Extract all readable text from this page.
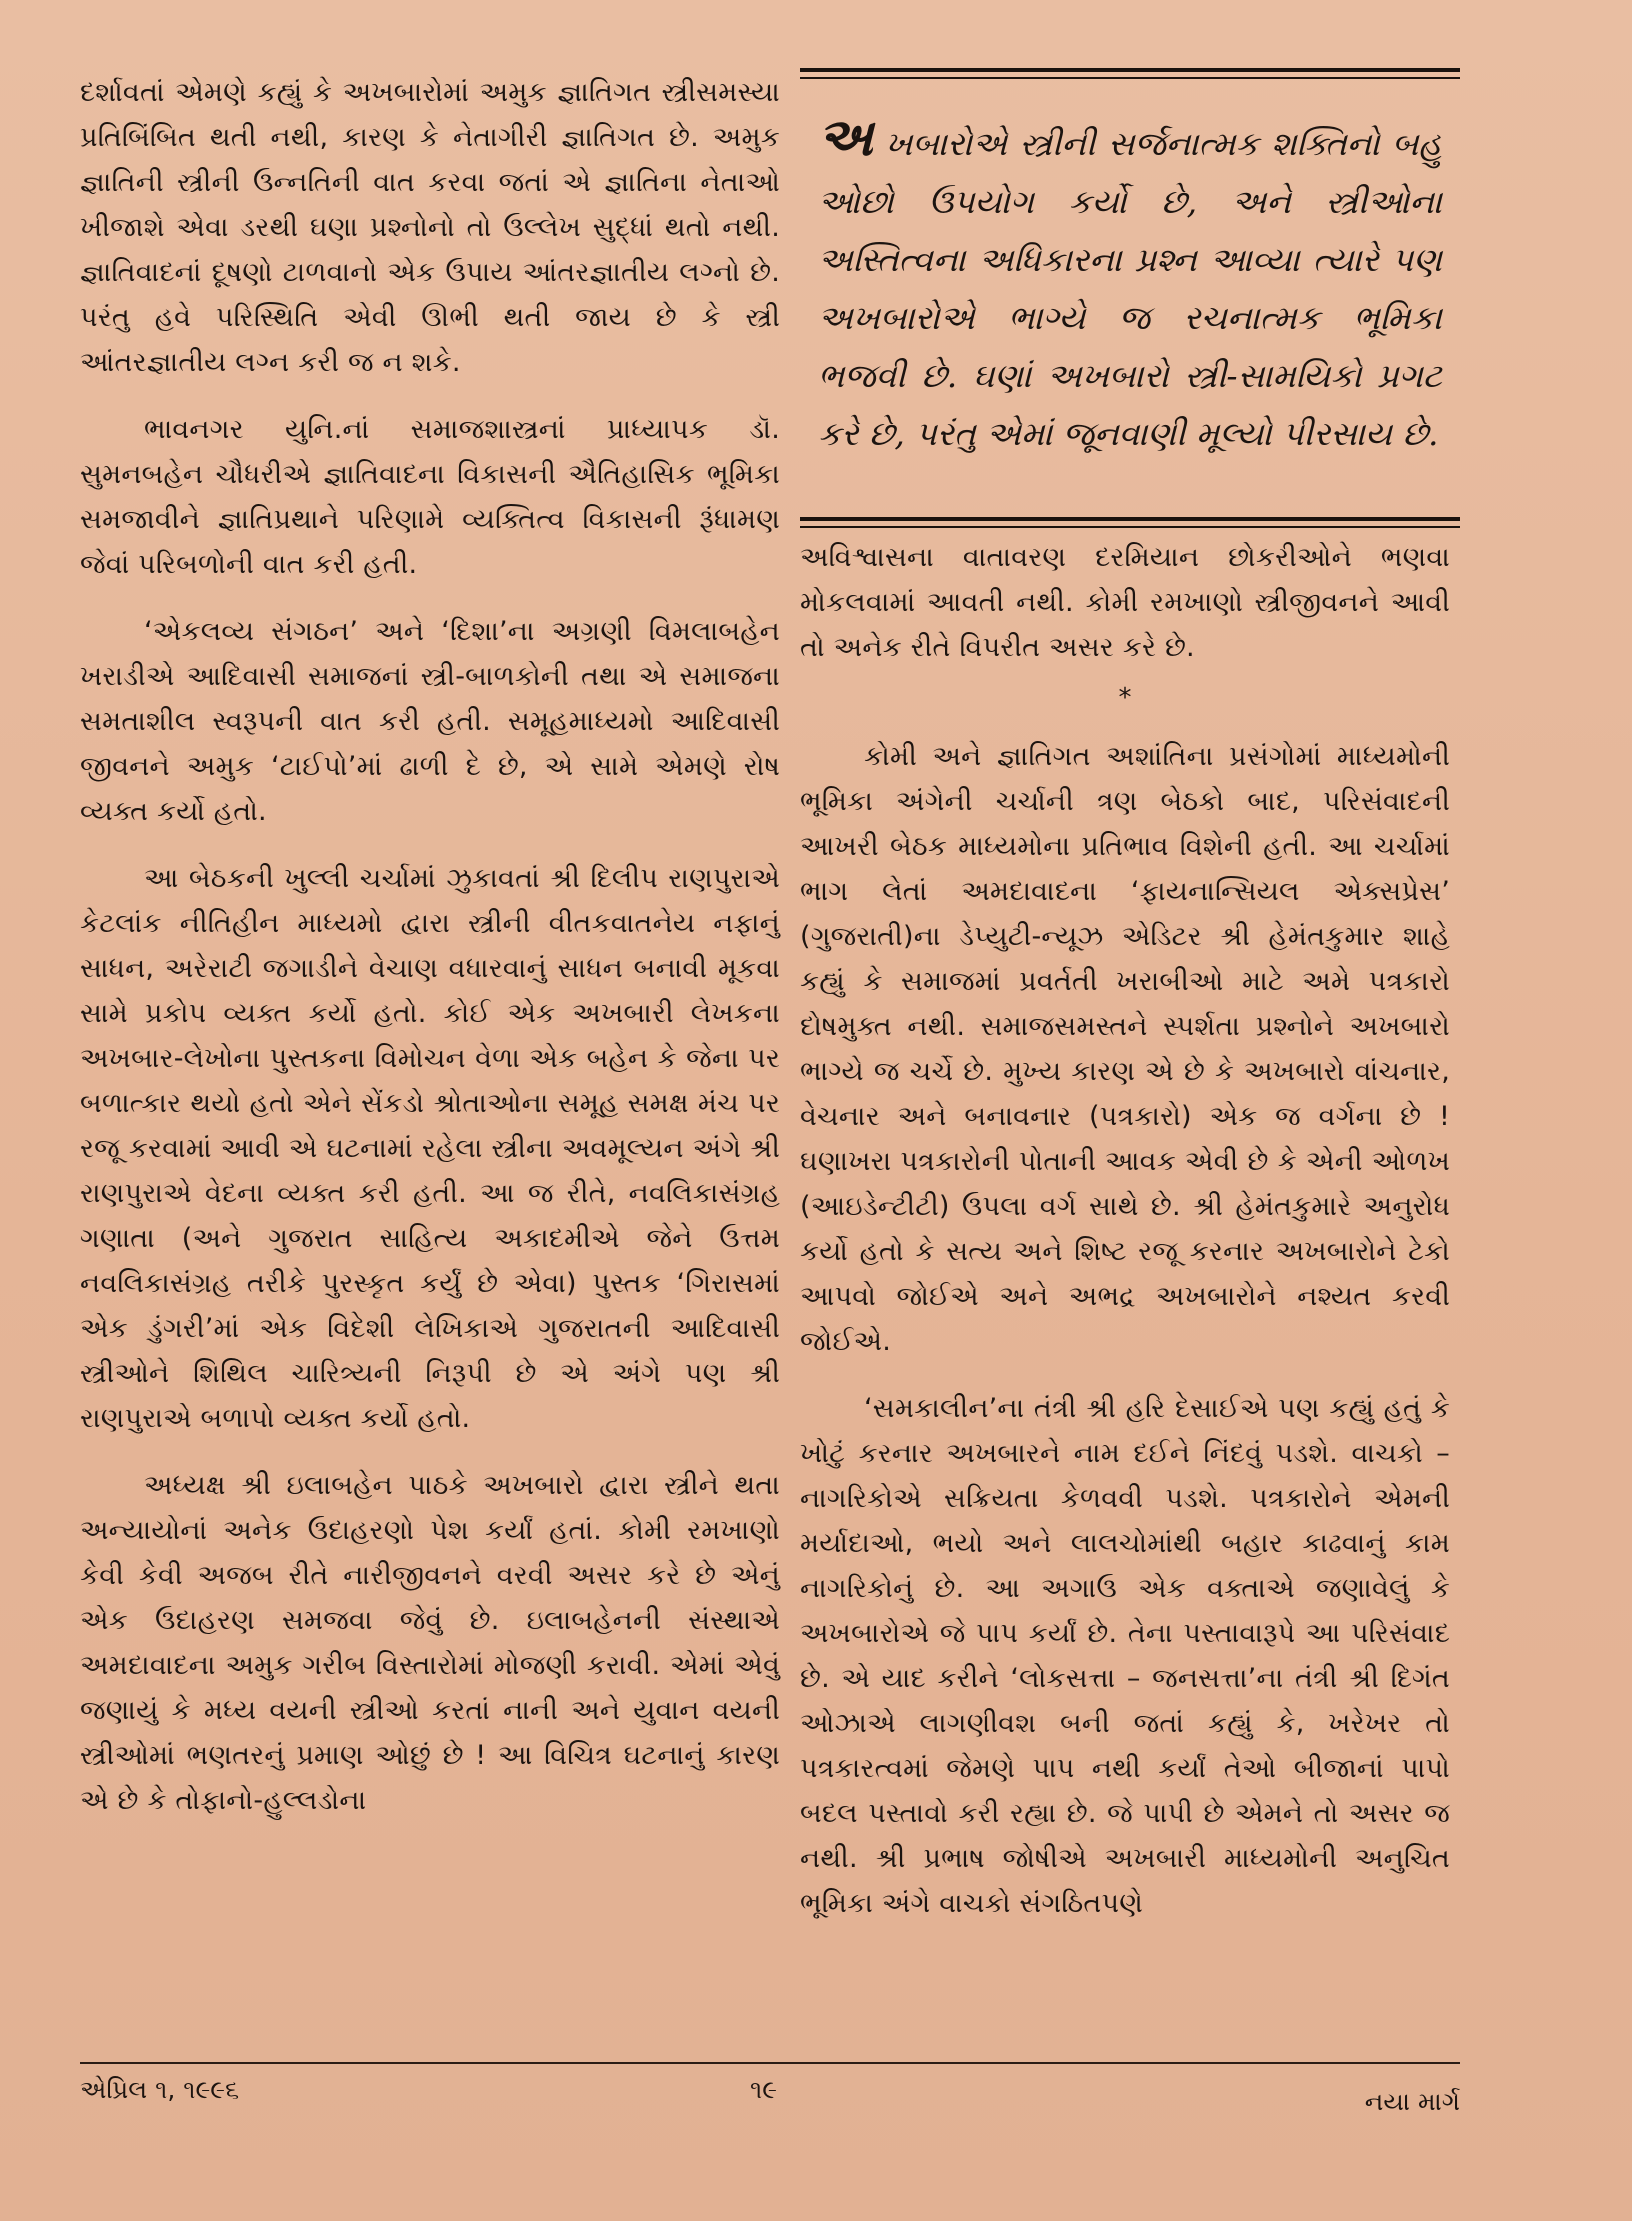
દર્શાવતાં એમણે કહ્યું કે અખબારોમાં અમુક જ્ઞાતિગત સ્ત્રીસમસ્યા પ્રતિબિંબિત થતી નથી, કારણ કે નેતાગીરી જ્ઞાતિગત છે. અમુક જ્ઞાતિની સ્ત્રીની ઉન્નતિની વાત કરવા જતાં એ જ્ઞાતિના નેતાઓ ખીજાશે એવા ડરથી ઘણા પ્રશ્નોનો તો ઉલ્લેખ સુદ્ધાં થતો નથી. જ્ઞાતિવાદનાં દૂષણો ટાળવાનો એક ઉપાય આંતરજ્ઞાતીય લગ્નો છે. પરંતુ હવે પરિસ્થિતિ એવી ઊભી થતી જાય છે કે સ્ત્રી આંતરજ્ઞાતીય લગ્ન કરી જ ન શકે.

ભાવનગર યુનિ.નાં સમાજશાસ્ત્રનાં પ્રાધ્યાપક ડૉ. સુમનબહેન ચૌધરીએ જ્ઞાતિવાદના વિકાસની ઐતિહાસિક ભૂમિકા સમજાવીને જ્ઞાતિપ્રથાને પરિણામે વ્યક્તિત્વ વિકાસની રૂંધામણ જેવાં પરિબળોની વાત કરી હતી.

‘એકલવ્ય સંગઠન’ અને ‘દિશા’ના અગ્રણી વિમલાબહેન ખરાડીએ આદિવાસી સમાજનાં સ્ત્રી-બાળકોની તથા એ સમાજના સમતાશીલ સ્વરૂપની વાત કરી હતી. સમૂહમાધ્યમો આદિવાસી જીવનને અમુક ‘ટાઈપો’માં ઢાળી દે છે, એ સામે એમણે રોષ વ્યક્ત કર્યો હતો.

આ બેઠકની ખુલ્લી ચર્ચામાં ઝુકાવતાં શ્રી દિલીપ રાણપુરાએ કેટલાંક નીતિહીન માધ્યમો દ્વારા સ્ત્રીની વીતકવાતનેય નફાનું સાધન, અરેરાટી જગાડીને વેચાણ વધારવાનું સાધન બનાવી મૂકવા સામે પ્રકોપ વ્યક્ત કર્યો હતો. કોઈ એક અખબારી લેખકના અખબાર-લેખોના પુસ્તકના વિમોચન વેળા એક બહેન કે જેના પર બળાત્કાર થયો હતો એને સેંકડો શ્રોતાઓના સમૂહ સમક્ષ મંચ પર રજૂ કરવામાં આવી એ ઘટનામાં રહેલા સ્ત્રીના અવમૂલ્યન અંગે શ્રી રાણપુરાએ વેદના વ્યક્ત કરી હતી. આ જ રીતે, નવલિકાસંગ્રહ ગણાતા (અને ગુજરાત સાહિત્ય અકાદમીએ જેને ઉત્તમ નવલિકાસંગ્રહ તરીકે પુરસ્કૃત કર્યું છે એવા) પુસ્તક ‘ગિરાસમાં એક ડુંગરી’માં એક વિદેશી લેખિકાએ ગુજરાતની આદિવાસી સ્ત્રીઓને શિથિલ ચારિત્ર્યની નિરૂપી છે એ અંગે પણ શ્રી રાણપુરાએ બળાપો વ્યક્ત કર્યો હતો.

અધ્યક્ષ શ્રી ઇલાબહેન પાઠકે અખબારો દ્વારા સ્ત્રીને થતા અન્યાયોનાં અનેક ઉદાહરણો પેશ કર્યાં હતાં. કોમી રમખાણો કેવી કેવી અજબ રીતે નારીજીવનને વરવી અસર કરે છે એનું એક ઉદાહરણ સમજવા જેવું છે. ઇલાબહેનની સંસ્થાએ અમદાવાદના અમુક ગરીબ વિસ્તારોમાં મોજણી કરાવી. એમાં એવું જણાયું કે મધ્ય વયની સ્ત્રીઓ કરતાં નાની અને યુવાન વયની સ્ત્રીઓમાં ભણતરનું પ્રમાણ ઓછું છે ! આ વિચિત્ર ઘટનાનું કારણ એ છે કે તોફાનો-હુલ્લડોના

અ ખબારોએ સ્ત્રીની સર્જનાત્મક શક્તિનો બહુ ઓછો ઉપયોગ કર્યો છે, અને સ્ત્રીઓના અસ્તિત્વના અધિકારના પ્રશ્ન આવ્યા ત્યારે પણ અખબારોએ ભાગ્યે જ રચનાત્મક ભૂમિકા ભજવી છે. ઘણાં અખબારો સ્ત્રી-સામયિકો પ્રગટ કરે છે, પરંતુ એમાં જૂનવાણી મૂલ્યો પીરસાય છે.

અવિશ્વાસના વાતાવરણ દરમિયાન છોકરીઓને ભણવા મોકલવામાં આવતી નથી. કોમી રમખાણો સ્ત્રીજીવનને આવી તો અનેક રીતે વિપરીત અસર કરે છે.

*

કોમી અને જ્ઞાતિગત અશાંતિના પ્રસંગોમાં માધ્યમોની ભૂમિકા અંગેની ચર્ચાની ત્રણ બેઠકો બાદ, પરિસંવાદની આખરી બેઠક માધ્યમોના પ્રતિભાવ વિશેની હતી. આ ચર્ચામાં ભાગ લેતાં અમદાવાદના ‘ફાયનાન્સિયલ એક્સપ્રેસ’ (ગુજરાતી)ના ડેપ્યુટી-ન્યૂઝ એડિટર શ્રી હેમંતકુમાર શાહે કહ્યું કે સમાજમાં પ્રવર્તતી ખરાબીઓ માટે અમે પત્રકારો દોષમુક્ત નથી. સમાજસમસ્તને સ્પર્શતા પ્રશ્નોને અખબારો ભાગ્યે જ ચર્ચે છે. મુખ્ય કારણ એ છે કે અખબારો વાંચનાર, વેચનાર અને બનાવનાર (પત્રકારો) એક જ વર્ગના છે ! ઘણાખરા પત્રકારોની પોતાની આવક એવી છે કે એની ઓળખ (આઇડેન્ટીટી) ઉપલા વર્ગ સાથે છે. શ્રી હેમંતકુમારે અનુરોધ કર્યો હતો કે સત્ય અને શિષ્ટ રજૂ કરનાર અખબારોને ટેકો આપવો જોઈએ અને અભદ્ર અખબારોને નશ્યત કરવી જોઈએ.

‘સમકાલીન’ના તંત્રી શ્રી હરિ દેસાઈએ પણ કહ્યું હતું કે ખોટું કરનાર અખબારને નામ દઈને નિંદવું પડશે. વાચકો – નાગરિકોએ સક્રિયતા કેળવવી પડશે. પત્રકારોને એમની મર્યાદાઓ, ભયો અને લાલચોમાંથી બહાર કાઢવાનું કામ નાગરિકોનું છે. આ અગાઉ એક વક્તાએ જણાવેલું કે અખબારોએ જે પાપ કર્યાં છે. તેના પસ્તાવારૂપે આ પરિસંવાદ છે. એ યાદ કરીને ‘લોકસત્તા – જનસત્તા’ના તંત્રી શ્રી દિગંત ઓઝાએ લાગણીવશ બની જતાં કહ્યું કે, ખરેખર તો પત્રકારત્વમાં જેમણે પાપ નથી કર્યાં તેઓ બીજાનાં પાપો બદલ પસ્તાવો કરી રહ્યા છે. જે પાપી છે એમને તો અસર જ નથી. શ્રી પ્રભાષ જોષીએ અખબારી માધ્યમોની અનુચિત ભૂમિકા અંગે વાચકો સંગઠિતપણે

એપ્રિલ ૧, ૧૯૯૬	૧૯	નયા માર્ગ
